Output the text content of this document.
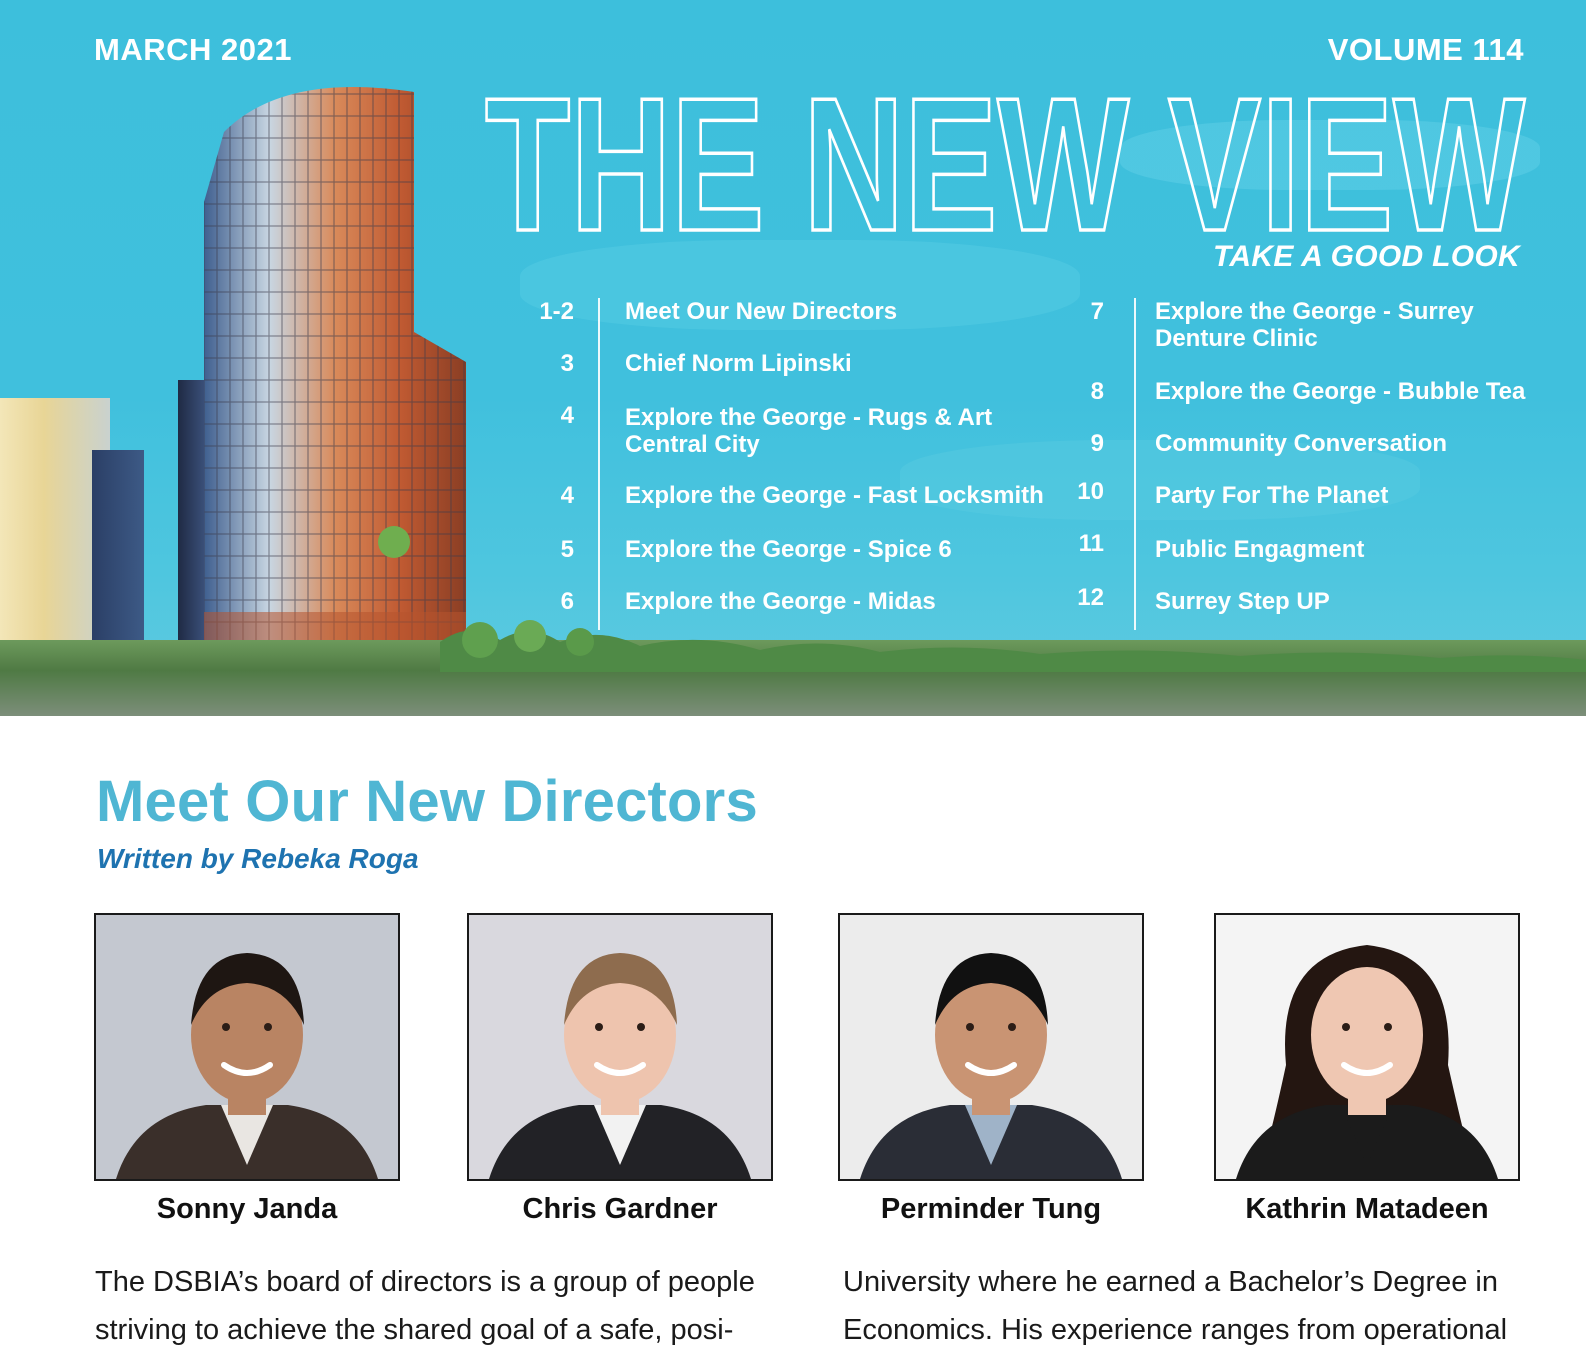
MARCH 2021	VOLUME 114
THE NEW VIEW
TAKE A GOOD LOOK
1-2 Meet Our New Directors
3 Chief Norm Lipinski
4 Explore the George - Rugs & Art
Central City
4 Explore the George - Fast Locksmith
5 Explore the George - Spice 6
6 Explore the George - Midas
7 Explore the George - Surrey
Denture Clinic
8 Explore the George - Bubble Tea
9 Community Conversation
10 Party For The Planet
11 Public Engagment
12 Surrey Step UP
Meet Our New Directors
Written by Rebeka Roga
Sonny Janda	Chris Gardner	Perminder Tung	Kathrin Matadeen

The DSBIA’s board of directors is a group of people

striving to achieve the shared goal of a safe, posi-

University where he earned a Bachelor’s Degree in

Economics. His experience ranges from operational
